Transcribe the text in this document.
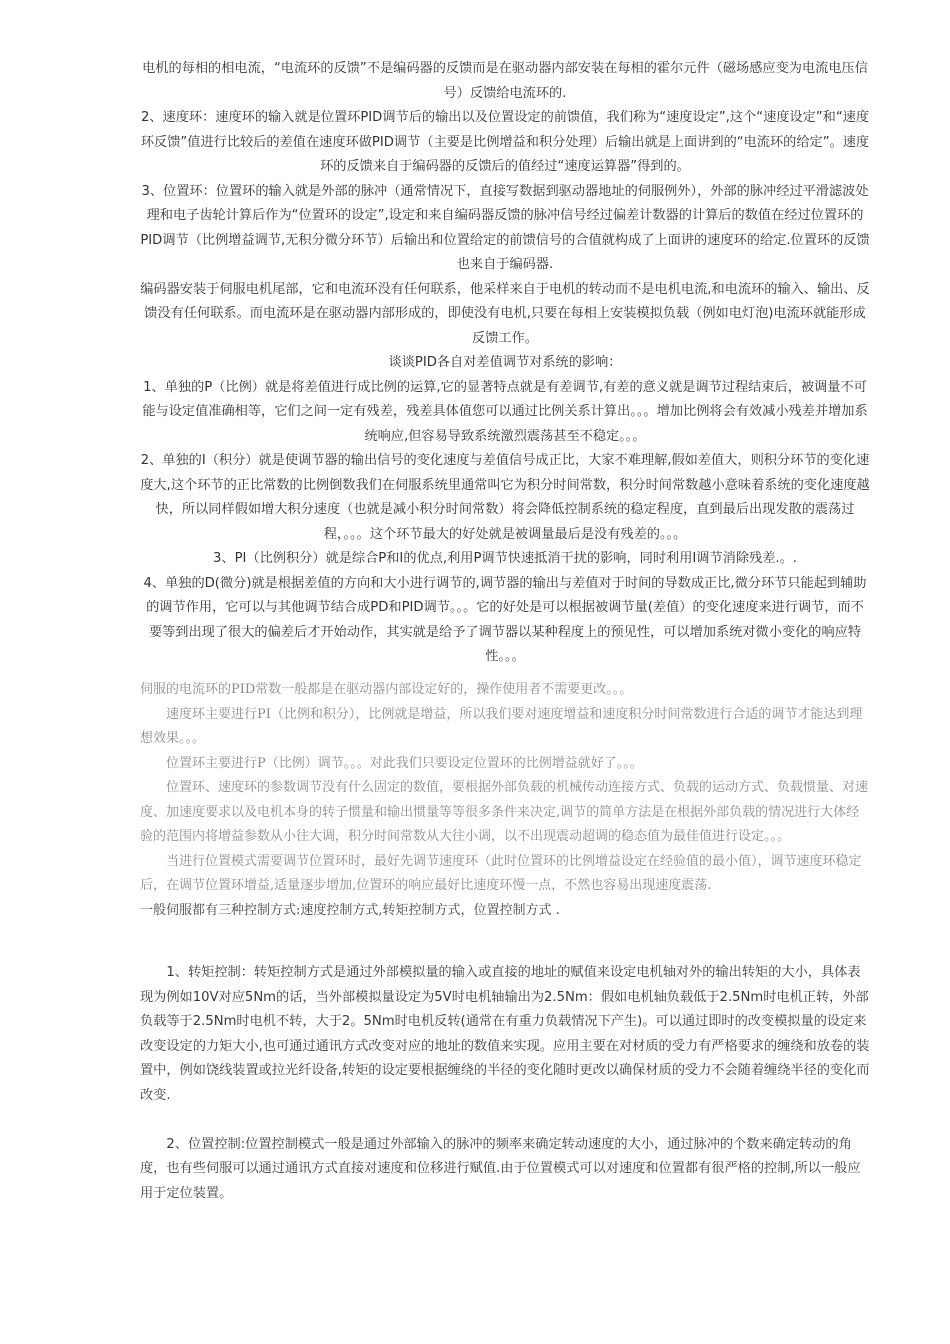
电机的每相的相电流，“电流环的反馈”不是编码器的反馈而是在驱动器内部安装在每相的霍尔元件（磁场感应变为电流电压信号）反馈给电流环的.

2、速度环：速度环的输入就是位置环PID调节后的输出以及位置设定的前馈值，我们称为“速度设定”,这个“速度设定”和“速度环反馈”值进行比较后的差值在速度环做PID调节（主要是比例增益和积分处理）后输出就是上面讲到的“电流环的给定”。速度环的反馈来自于编码器的反馈后的值经过“速度运算器”得到的。

3、位置环：位置环的输入就是外部的脉冲（通常情况下，直接写数据到驱动器地址的伺服例外），外部的脉冲经过平滑滤波处理和电子齿轮计算后作为“位置环的设定”,设定和来自编码器反馈的脉冲信号经过偏差计数器的计算后的数值在经过位置环的PID调节（比例增益调节,无积分微分环节）后输出和位置给定的前馈信号的合值就构成了上面讲的速度环的给定.位置环的反馈也来自于编码器.

编码器安装于伺服电机尾部，它和电流环没有任何联系，他采样来自于电机的转动而不是电机电流,和电流环的输入、输出、反馈没有任何联系。而电流环是在驱动器内部形成的，即使没有电机,只要在每相上安装模拟负载（例如电灯泡)电流环就能形成反馈工作。

谈谈PID各自对差值调节对系统的影响：

1、单独的P（比例）就是将差值进行成比例的运算,它的显著特点就是有差调节,有差的意义就是调节过程结束后，被调量不可能与设定值准确相等，它们之间一定有残差，残差具体值您可以通过比例关系计算出。。。增加比例将会有效减小残差并增加系统响应,但容易导致系统激烈震荡甚至不稳定。。。

2、单独的I（积分）就是使调节器的输出信号的变化速度与差值信号成正比，大家不难理解,假如差值大，则积分环节的变化速度大,这个环节的正比常数的比例倒数我们在伺服系统里通常叫它为积分时间常数，积分时间常数越小意味着系统的变化速度越快，所以同样假如增大积分速度（也就是减小积分时间常数）将会降低控制系统的稳定程度，直到最后出现发散的震荡过程，。。。这个环节最大的好处就是被调量最后是没有残差的。。。

3、PI（比例积分）就是综合P和I的优点,利用P调节快速抵消干扰的影响，同时利用I调节消除残差.。.

4、单独的D(微分)就是根据差值的方向和大小进行调节的,调节器的输出与差值对于时间的导数成正比,微分环节只能起到辅助的调节作用，它可以与其他调节结合成PD和PID调节。。。它的好处是可以根据被调节量(差值）的变化速度来进行调节，而不要等到出现了很大的偏差后才开始动作，其实就是给予了调节器以某种程度上的预见性，可以增加系统对微小变化的响应特性。。。

伺服的电流环的PID常数一般都是在驱动器内部设定好的，操作使用者不需要更改。。。

速度环主要进行PI（比例和积分），比例就是增益，所以我们要对速度增益和速度积分时间常数进行合适的调节才能达到理想效果。。。

位置环主要进行P（比例）调节。。。对此我们只要设定位置环的比例增益就好了。。。

位置环、速度环的参数调节没有什么固定的数值，要根据外部负载的机械传动连接方式、负载的运动方式、负载惯量、对速度、加速度要求以及电机本身的转子惯量和输出惯量等等很多条件来决定,调节的简单方法是在根据外部负载的情况进行大体经验的范围内将增益参数从小往大调，积分时间常数从大往小调，以不出现震动超调的稳态值为最佳值进行设定。。。

当进行位置模式需要调节位置环时，最好先调节速度环（此时位置环的比例增益设定在经验值的最小值），调节速度环稳定后，在调节位置环增益,适量逐步增加,位置环的响应最好比速度环慢一点，不然也容易出现速度震荡.

一般伺服都有三种控制方式:速度控制方式,转矩控制方式，位置控制方式 .

1、转矩控制：转矩控制方式是通过外部模拟量的输入或直接的地址的赋值来设定电机轴对外的输出转矩的大小，具体表现为例如10V对应5Nm的话，当外部模拟量设定为5V时电机轴输出为2.5Nm：假如电机轴负载低于2.5Nm时电机正转，外部负载等于2.5Nm时电机不转，大于2。5Nm时电机反转(通常在有重力负载情况下产生)。可以通过即时的改变模拟量的设定来改变设定的力矩大小,也可通过通讯方式改变对应的地址的数值来实现。应用主要在对材质的受力有严格要求的缠绕和放卷的装置中，例如饶线装置或拉光纤设备,转矩的设定要根据缠绕的半径的变化随时更改以确保材质的受力不会随着缠绕半径的变化而改变.

2、位置控制:位置控制模式一般是通过外部输入的脉冲的频率来确定转动速度的大小，通过脉冲的个数来确定转动的角度，也有些伺服可以通过通讯方式直接对速度和位移进行赋值.由于位置模式可以对速度和位置都有很严格的控制,所以一般应用于定位装置。
